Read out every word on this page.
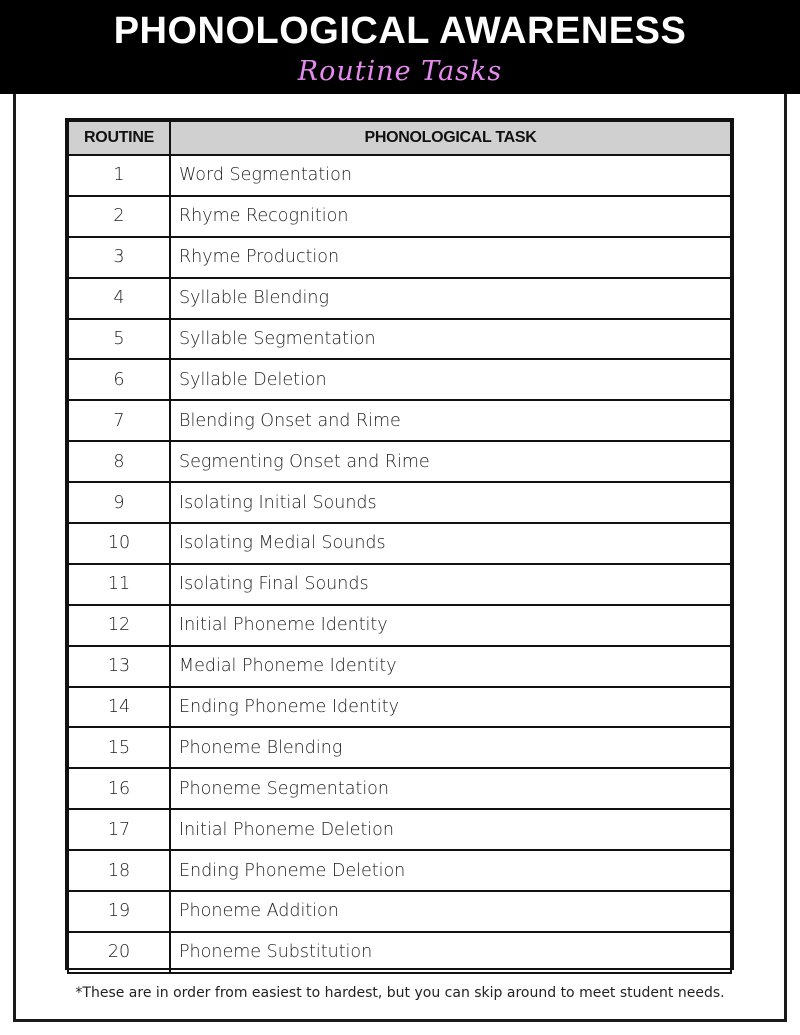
PHONOLOGICAL AWARENESS
Routine Tasks
ROUTINE	PHONOLOGICAL TASK
1	Word Segmentation
2	Rhyme Recognition
3	Rhyme Production
4	Syllable Blending
5	Syllable Segmentation
6	Syllable Deletion
7	Blending Onset and Rime
8	Segmenting Onset and Rime
9	Isolating Initial Sounds
10	Isolating Medial Sounds
11	Isolating Final Sounds
12	Initial Phoneme Identity
13	Medial Phoneme Identity
14	Ending Phoneme Identity
15	Phoneme Blending
16	Phoneme Segmentation
17	Initial Phoneme Deletion
18	Ending Phoneme Deletion
19	Phoneme Addition
20	Phoneme Substitution
*These are in order from easiest to hardest, but you can skip around to meet student needs.
